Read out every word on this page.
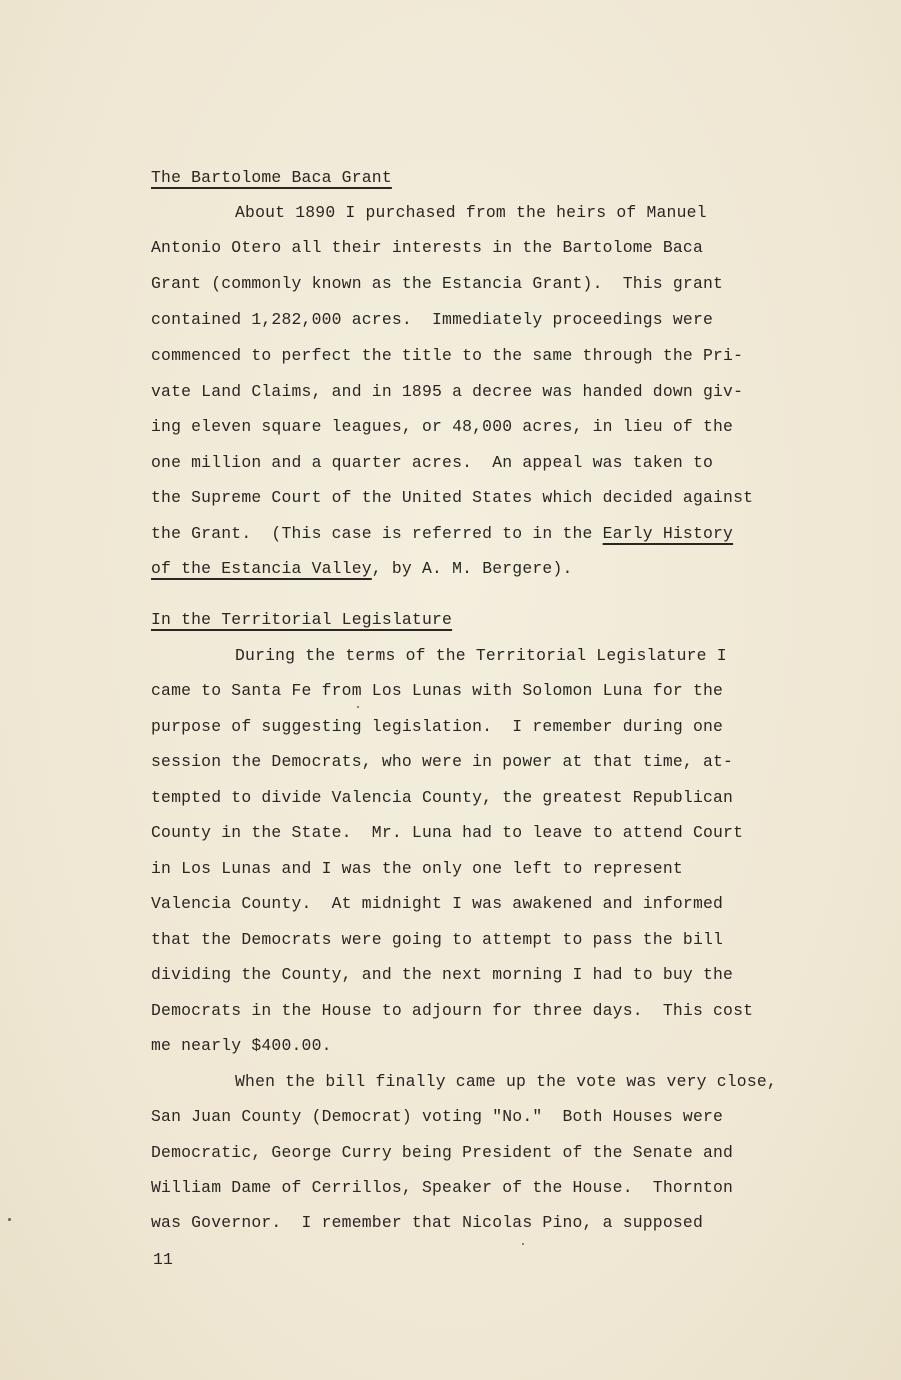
The Bartolome Baca Grant
About 1890 I purchased from the heirs of Manuel
Antonio Otero all their interests in the Bartolome Baca
Grant (commonly known as the Estancia Grant).  This grant
contained 1,282,000 acres.  Immediately proceedings were
commenced to perfect the title to the same through the Pri-
vate Land Claims, and in 1895 a decree was handed down giv-
ing eleven square leagues, or 48,000 acres, in lieu of the
one million and a quarter acres.  An appeal was taken to
the Supreme Court of the United States which decided against
the Grant.  (This case is referred to in the Early History
of the Estancia Valley, by A. M. Bergere).
In the Territorial Legislature
During the terms of the Territorial Legislature I
came to Santa Fe from Los Lunas with Solomon Luna for the
purpose of suggesting legislation.  I remember during one
session the Democrats, who were in power at that time, at-
tempted to divide Valencia County, the greatest Republican
County in the State.  Mr. Luna had to leave to attend Court
in Los Lunas and I was the only one left to represent
Valencia County.  At midnight I was awakened and informed
that the Democrats were going to attempt to pass the bill
dividing the County, and the next morning I had to buy the
Democrats in the House to adjourn for three days.  This cost
me nearly $400.00.
When the bill finally came up the vote was very close,
San Juan County (Democrat) voting "No."  Both Houses were
Democratic, George Curry being President of the Senate and
William Dame of Cerrillos, Speaker of the House.  Thornton
was Governor.  I remember that Nicolas Pino, a supposed
11
